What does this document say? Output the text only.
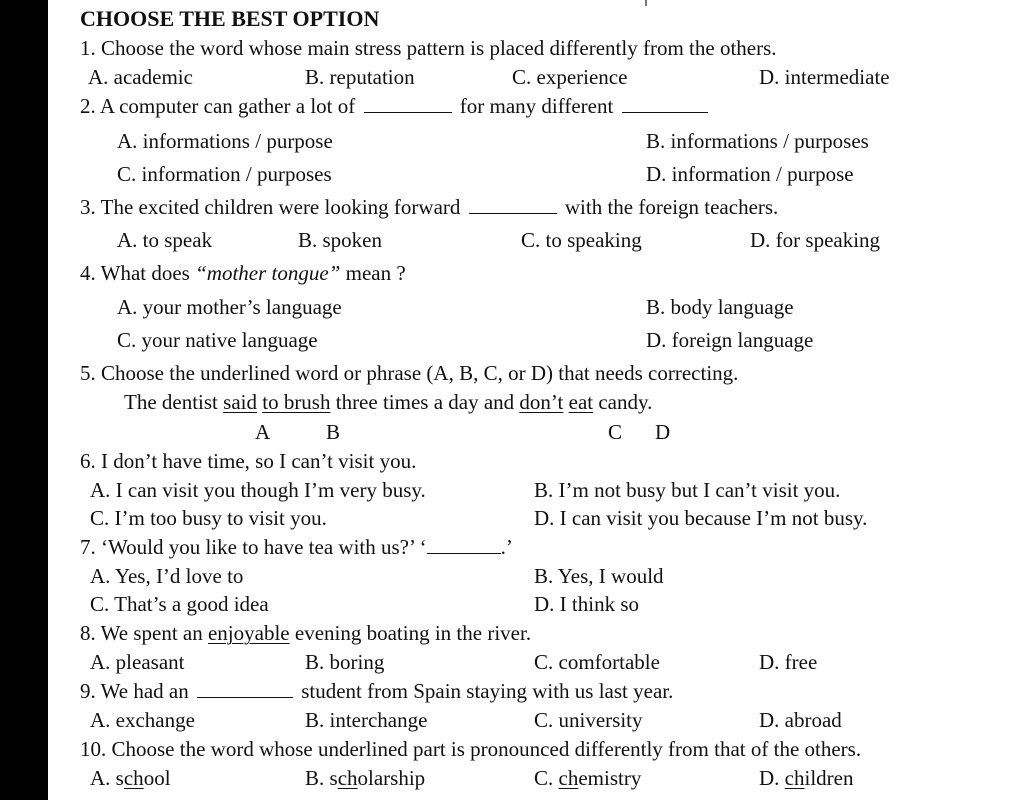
CHOOSE THE BEST OPTION
1. Choose the word whose main stress pattern is placed differently from the others.
A. academic	B. reputation	C. experience	D. intermediate
2. A computer can gather a lot of	for many different
A. informations / purpose	B. informations / purposes
C. information / purposes	D. information / purpose
3. The excited children were looking forward	with the foreign teachers.
A. to speak	B. spoken	C. to speaking	D. for speaking
4. What does “mother tongue” mean ?
A. your mother’s language	B. body language
C. your native language	D. foreign language
5. Choose the underlined word or phrase (A, B, C, or D) that needs correcting.
The dentist said to brush three times a day and don’t eat candy.
A	B	C D
6. I don’t have time, so I can’t visit you.
A. I can visit you though I’m very busy.	B. I’m not busy but I can’t visit you.
C. I’m too busy to visit you.	D. I can visit you because I’m not busy.
7. ‘Would you like to have tea with us?’ ‘	.’
A. Yes, I’d love to	B. Yes, I would
C. That’s a good idea	D. I think so
8. We spent an enjoyable evening boating in the river.
A. pleasant	B. boring	C. comfortable	D. free
9. We had an	student from Spain staying with us last year.
A. exchange	B. interchange	C. university	D. abroad
10. Choose the word whose underlined part is pronounced differently from that of the others.
A. school	B. scholarship	C. chemistry	D. children
